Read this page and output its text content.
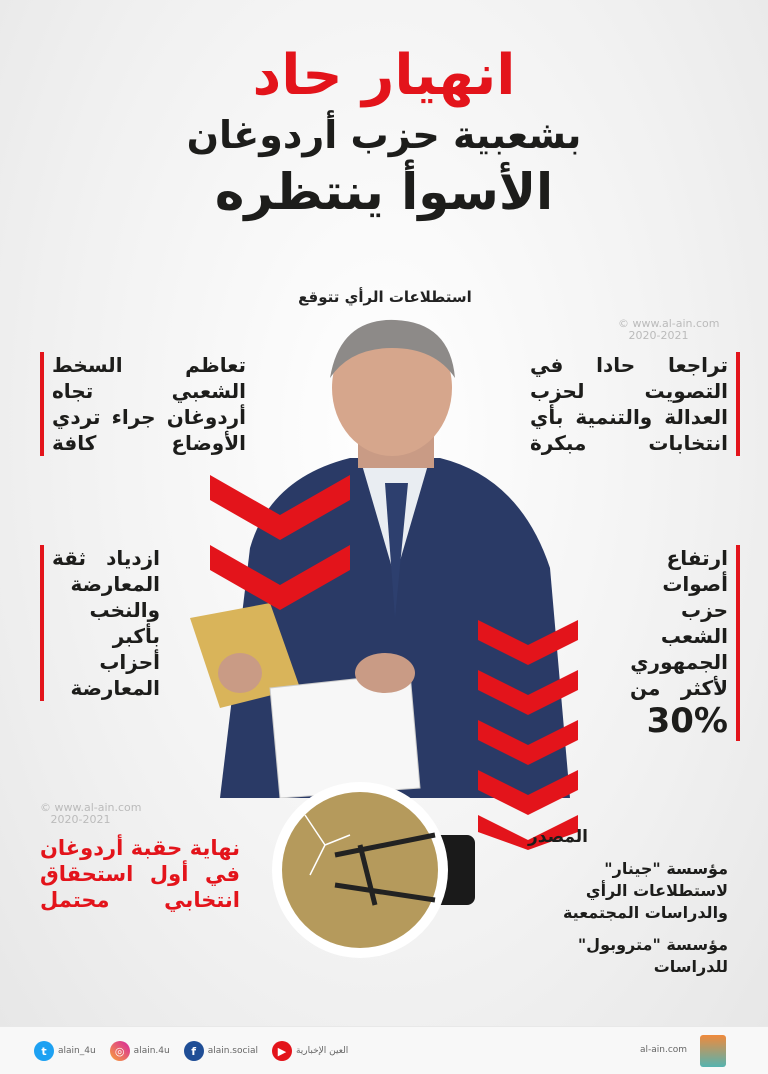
انهيار حاد
بشعبية حزب أردوغان
الأسوأ ينتظره
استطلاعات الرأي تتوقع
© www.al-ain.com
2020-2021
© www.al-ain.com
2020-2021
تعاظم السخط الشعبي تجاه أردوغان جراء تردي الأوضاع كافة
تراجعا حادا في التصويت لحزب العدالة والتنمية بأي انتخابات مبكرة
ازدياد ثقة المعارضة والنخب بأكبر أحزاب المعارضة
ارتفاع أصوات حزب الشعب الجمهوري لأكثر من
30%
نهاية حقبة أردوغان في أول استحقاق انتخابي محتمل
المصدر
مؤسسة "جينار" لاستطلاعات الرأي والدراسات المجتمعية
مؤسسة "متروبول" للدراسات
t	alain_4u	◎	alain.4u	f	alain.social	▶	العين الإخبارية	al-ain.com
